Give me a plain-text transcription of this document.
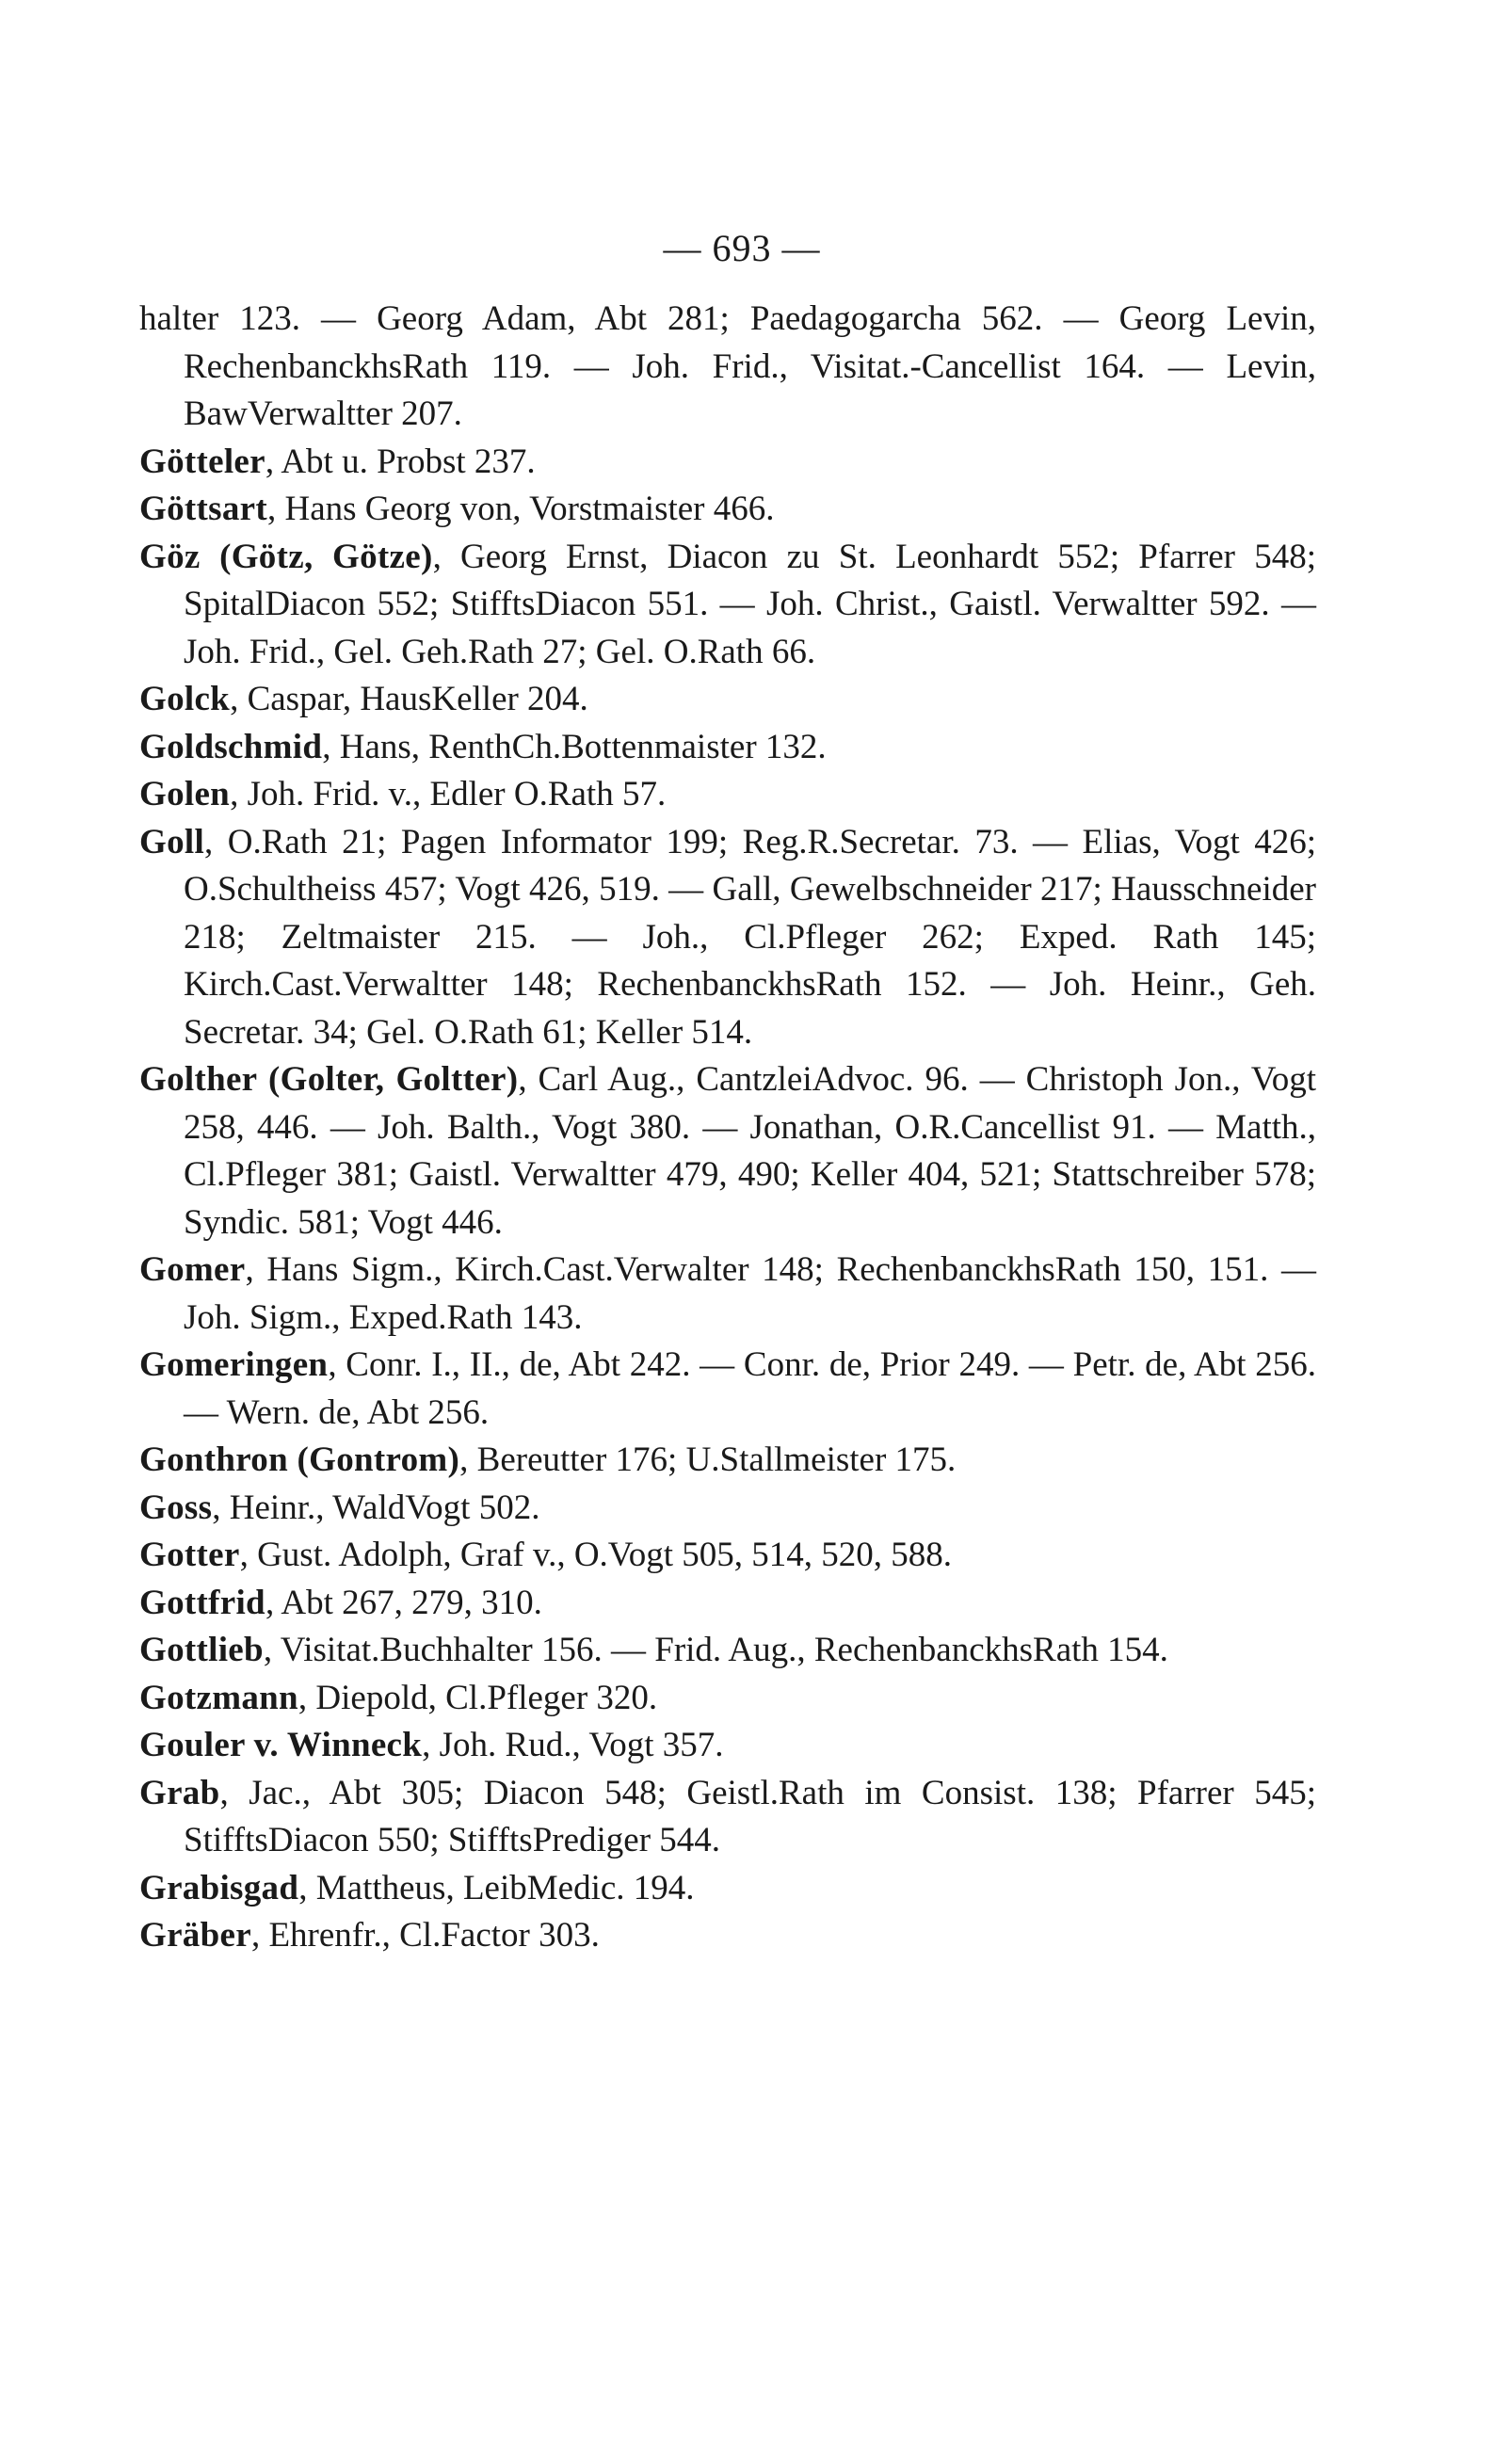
— 693 —

halter 123. — Georg Adam, Abt 281; Paedagogarcha 562. — Georg Levin, RechenbanckhsRath 119. — Joh. Frid., Visitat.-Cancellist 164. — Levin, BawVerwaltter 207.

Götteler, Abt u. Probst 237.

Göttsart, Hans Georg von, Vorstmaister 466.

Göz (Götz, Götze), Georg Ernst, Diacon zu St. Leonhardt 552; Pfarrer 548; SpitalDiacon 552; StifftsDiacon 551. — Joh. Christ., Gaistl. Verwaltter 592. — Joh. Frid., Gel. Geh.Rath 27; Gel. O.Rath 66.

Golck, Caspar, HausKeller 204.

Goldschmid, Hans, RenthCh.Bottenmaister 132.

Golen, Joh. Frid. v., Edler O.Rath 57.

Goll, O.Rath 21; Pagen Informator 199; Reg.R.Secretar. 73. — Elias, Vogt 426; O.Schultheiss 457; Vogt 426, 519. — Gall, Gewelbschneider 217; Hausschneider 218; Zeltmaister 215. — Joh., Cl.Pfleger 262; Exped. Rath 145; Kirch.Cast.Verwaltter 148; RechenbanckhsRath 152. — Joh. Heinr., Geh. Secretar. 34; Gel. O.Rath 61; Keller 514.

Golther (Golter, Goltter), Carl Aug., CantzleiAdvoc. 96. — Christoph Jon., Vogt 258, 446. — Joh. Balth., Vogt 380. — Jonathan, O.R.Cancellist 91. — Matth., Cl.Pfleger 381; Gaistl. Verwaltter 479, 490; Keller 404, 521; Stattschreiber 578; Syndic. 581; Vogt 446.

Gomer, Hans Sigm., Kirch.Cast.Verwalter 148; RechenbanckhsRath 150, 151. — Joh. Sigm., Exped.Rath 143.

Gomeringen, Conr. I., II., de, Abt 242. — Conr. de, Prior 249. — Petr. de, Abt 256. — Wern. de, Abt 256.

Gonthron (Gontrom), Bereutter 176; U.Stallmeister 175.

Goss, Heinr., WaldVogt 502.

Gotter, Gust. Adolph, Graf v., O.Vogt 505, 514, 520, 588.

Gottfrid, Abt 267, 279, 310.

Gottlieb, Visitat.Buchhalter 156. — Frid. Aug., RechenbanckhsRath 154.

Gotzmann, Diepold, Cl.Pfleger 320.

Gouler v. Winneck, Joh. Rud., Vogt 357.

Grab, Jac., Abt 305; Diacon 548; Geistl.Rath im Consist. 138; Pfarrer 545; StifftsDiacon 550; StifftsPrediger 544.

Grabisgad, Mattheus, LeibMedic. 194.

Gräber, Ehrenfr., Cl.Factor 303.
